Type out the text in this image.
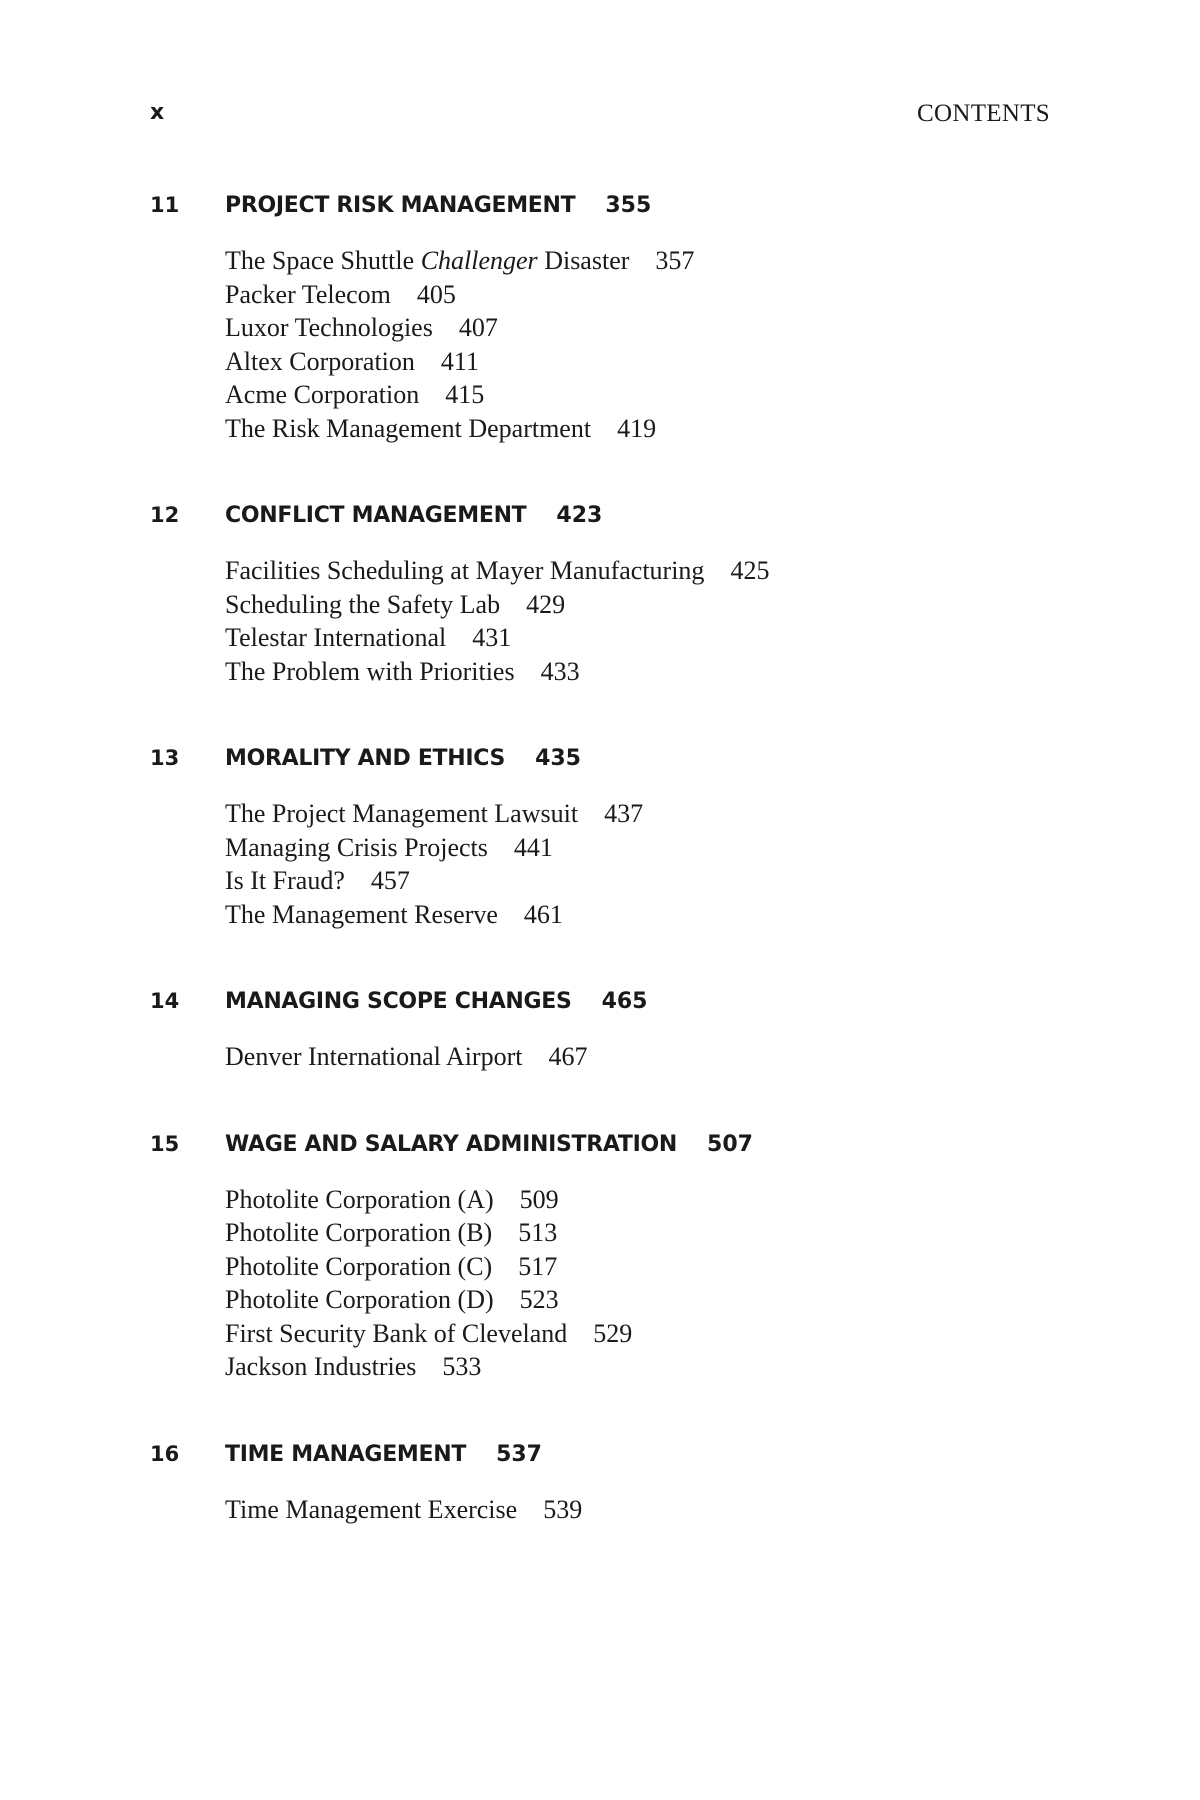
x	CONTENTS
11	PROJECT RISK MANAGEMENT 355
The Space Shuttle Challenger Disaster 357
Packer Telecom 405
Luxor Technologies 407
Altex Corporation 411
Acme Corporation 415
The Risk Management Department 419
12	CONFLICT MANAGEMENT 423
Facilities Scheduling at Mayer Manufacturing 425
Scheduling the Safety Lab 429
Telestar International 431
The Problem with Priorities 433
13	MORALITY AND ETHICS 435
The Project Management Lawsuit 437
Managing Crisis Projects 441
Is It Fraud? 457
The Management Reserve 461
14	MANAGING SCOPE CHANGES 465
Denver International Airport 467
15	WAGE AND SALARY ADMINISTRATION 507
Photolite Corporation (A) 509
Photolite Corporation (B) 513
Photolite Corporation (C) 517
Photolite Corporation (D) 523
First Security Bank of Cleveland 529
Jackson Industries 533
16	TIME MANAGEMENT 537
Time Management Exercise 539
